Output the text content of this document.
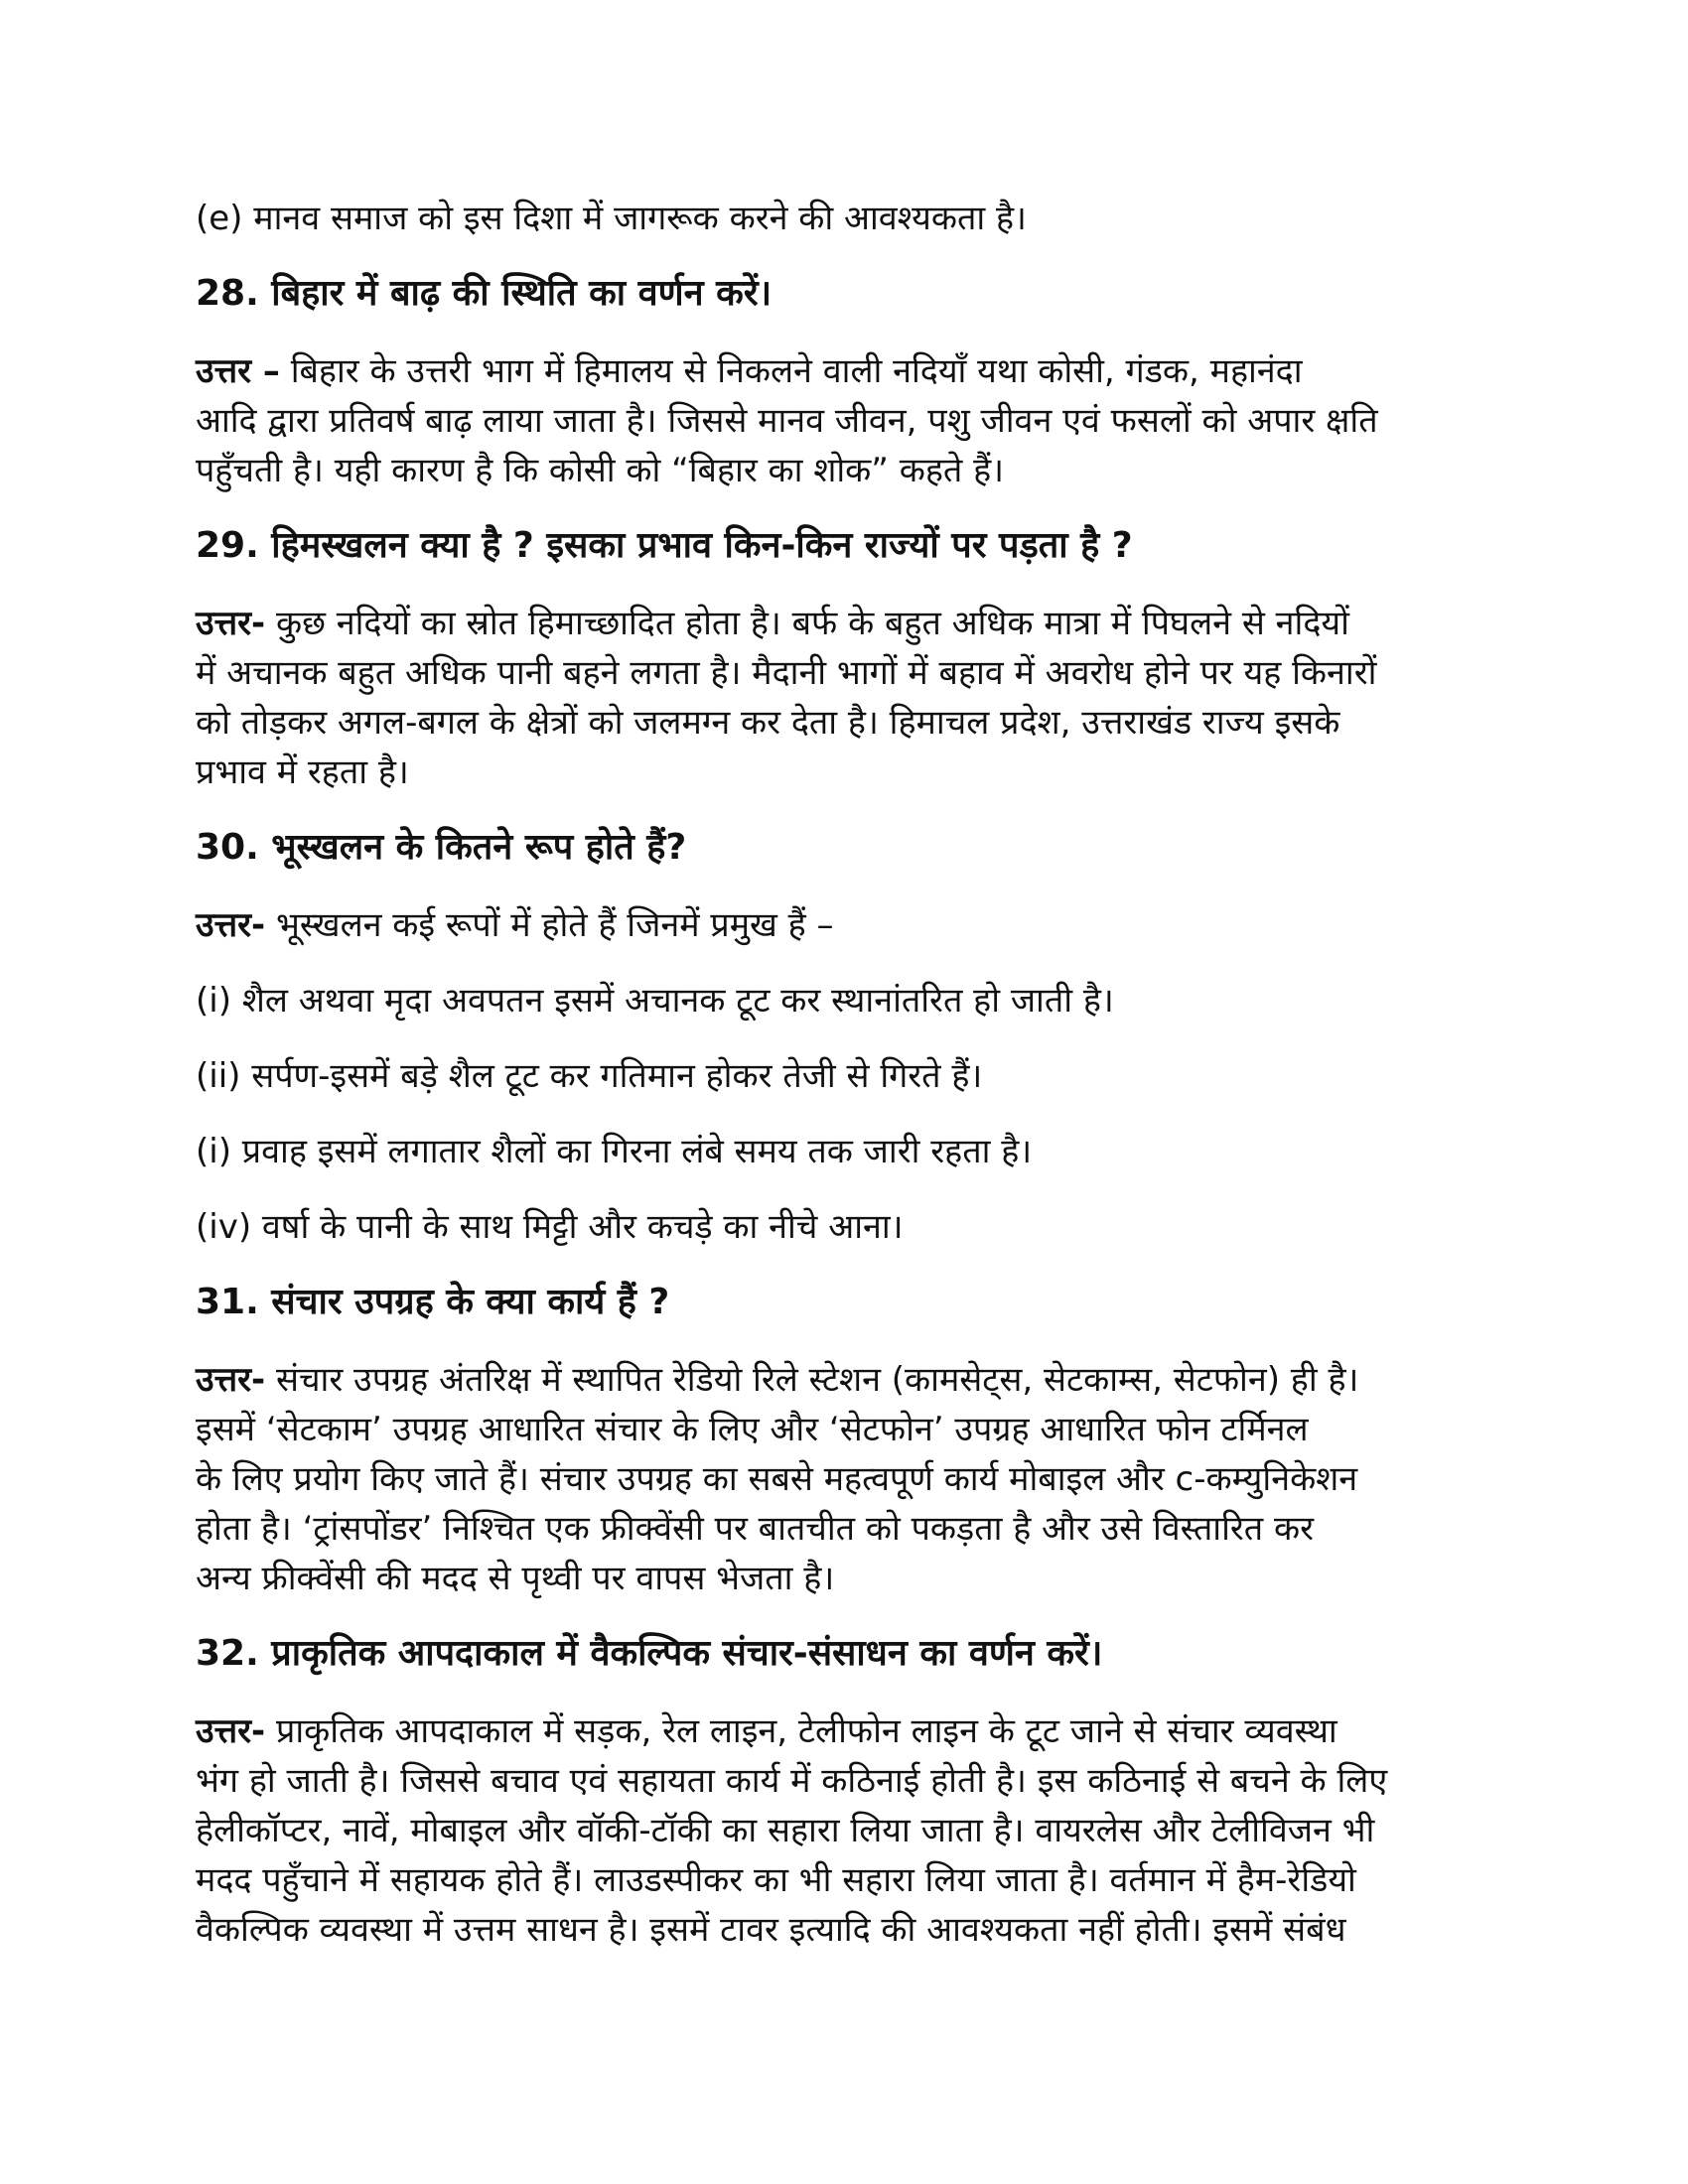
(e) मानव समाज को इस दिशा में जागरूक करने की आवश्यकता है।

28. बिहार में बाढ़ की स्थिति का वर्णन करें।

उत्तर – बिहार के उत्तरी भाग में हिमालय से निकलने वाली नदियाँ यथा कोसी, गंडक, महानंदा

आदि द्वारा प्रतिवर्ष बाढ़ लाया जाता है। जिससे मानव जीवन, पशु जीवन एवं फसलों को अपार क्षति

पहुँचती है। यही कारण है कि कोसी को “बिहार का शोक” कहते हैं।

29. हिमस्खलन क्या है ? इसका प्रभाव किन-किन राज्यों पर पड़ता है ?

उत्तर- कुछ नदियों का स्रोत हिमाच्छादित होता है। बर्फ के बहुत अधिक मात्रा में पिघलने से नदियों

में अचानक बहुत अधिक पानी बहने लगता है। मैदानी भागों में बहाव में अवरोध होने पर यह किनारों

को तोड़कर अगल-बगल के क्षेत्रों को जलमग्न कर देता है। हिमाचल प्रदेश, उत्तराखंड राज्य इसके

प्रभाव में रहता है।

30. भूस्खलन के कितने रूप होते हैं?

उत्तर- भूस्खलन कई रूपों में होते हैं जिनमें प्रमुख हैं –

(i) शैल अथवा मृदा अवपतन इसमें अचानक टूट कर स्थानांतरित हो जाती है।

(ii) सर्पण-इसमें बड़े शैल टूट कर गतिमान होकर तेजी से गिरते हैं।

(i) प्रवाह इसमें लगातार शैलों का गिरना लंबे समय तक जारी रहता है।

(iv) वर्षा के पानी के साथ मिट्टी और कचड़े का नीचे आना।

31. संचार उपग्रह के क्या कार्य हैं ?

उत्तर- संचार उपग्रह अंतरिक्ष में स्थापित रेडियो रिले स्टेशन (कामसेट्स, सेटकाम्स, सेटफोन) ही है।

इसमें ‘सेटकाम’ उपग्रह आधारित संचार के लिए और ‘सेटफोन’ उपग्रह आधारित फोन टर्मिनल

के लिए प्रयोग किए जाते हैं। संचार उपग्रह का सबसे महत्वपूर्ण कार्य मोबाइल और c-कम्युनिकेशन

होता है। ‘ट्रांसपोंडर’ निश्चित एक फ्रीक्वेंसी पर बातचीत को पकड़ता है और उसे विस्तारित कर

अन्य फ्रीक्वेंसी की मदद से पृथ्वी पर वापस भेजता है।

32. प्राकृतिक आपदाकाल में वैकल्पिक संचार-संसाधन का वर्णन करें।

उत्तर- प्राकृतिक आपदाकाल में सड़क, रेल लाइन, टेलीफोन लाइन के टूट जाने से संचार व्यवस्था

भंग हो जाती है। जिससे बचाव एवं सहायता कार्य में कठिनाई होती है। इस कठिनाई से बचने के लिए

हेलीकॉप्टर, नावें, मोबाइल और वॉकी-टॉकी का सहारा लिया जाता है। वायरलेस और टेलीविजन भी

मदद पहुँचाने में सहायक होते हैं। लाउडस्पीकर का भी सहारा लिया जाता है। वर्तमान में हैम-रेडियो

वैकल्पिक व्यवस्था में उत्तम साधन है। इसमें टावर इत्यादि की आवश्यकता नहीं होती। इसमें संबंध
